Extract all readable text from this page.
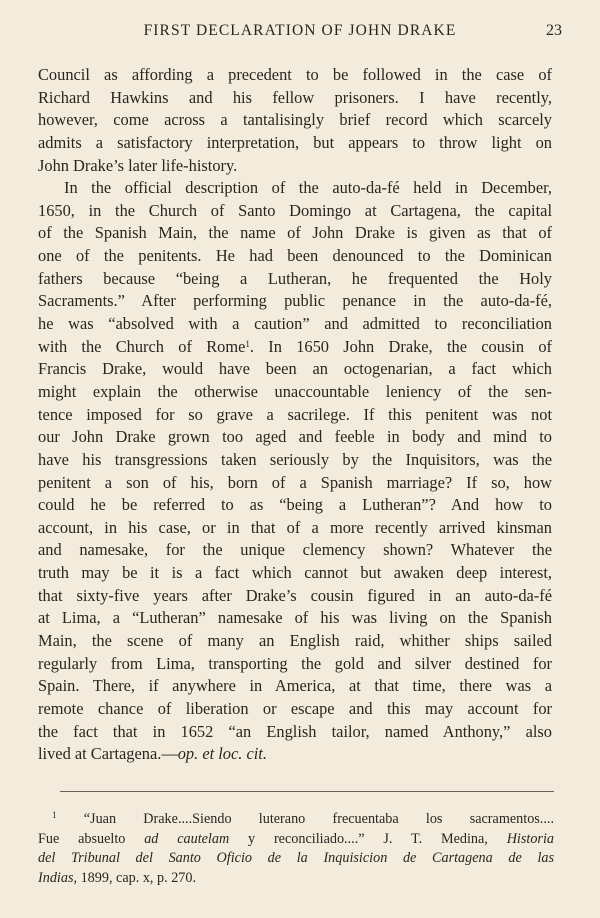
FIRST DECLARATION OF JOHN DRAKE	23
Council as affording a precedent to be followed in the case of
Richard Hawkins and his fellow prisoners. I have recently,
however, come across a tantalisingly brief record which scarcely
admits a satisfactory interpretation, but appears to throw light on
John Drake’s later life-history.
In the official description of the auto-da-fé held in December,
1650, in the Church of Santo Domingo at Cartagena, the capital
of the Spanish Main, the name of John Drake is given as that of
one of the penitents. He had been denounced to the Dominican
fathers because “being a Lutheran, he frequented the Holy
Sacraments.” After performing public penance in the auto-da-fé,
he was “absolved with a caution” and admitted to reconciliation
with the Church of Rome$^1$. In 1650 John Drake, the cousin of
Francis Drake, would have been an octogenarian, a fact which
might explain the otherwise unaccountable leniency of the sen-
tence imposed for so grave a sacrilege. If this penitent was not
our John Drake grown too aged and feeble in body and mind to
have his transgressions taken seriously by the Inquisitors, was the
penitent a son of his, born of a Spanish marriage? If so, how
could he be referred to as “being a Lutheran”? And how to
account, in his case, or in that of a more recently arrived kinsman
and namesake, for the unique clemency shown? Whatever the
truth may be it is a fact which cannot but awaken deep interest,
that sixty-five years after Drake’s cousin figured in an auto-da-fé
at Lima, a “Lutheran” namesake of his was living on the Spanish
Main, the scene of many an English raid, whither ships sailed
regularly from Lima, transporting the gold and silver destined for
Spain. There, if anywhere in America, at that time, there was a
remote chance of liberation or escape and this may account for
the fact that in 1652 “an English tailor, named Anthony,” also
lived at Cartagena.—op. et loc. cit.
$^1$ “Juan Drake....Siendo luterano frecuentaba los sacramentos....
Fue absuelto ad cautelam y reconciliado....” J. T. Medina, Historia
del Tribunal del Santo Oficio de la Inquisicion de Cartagena de las
Indias, 1899, cap. x, p. 270.
